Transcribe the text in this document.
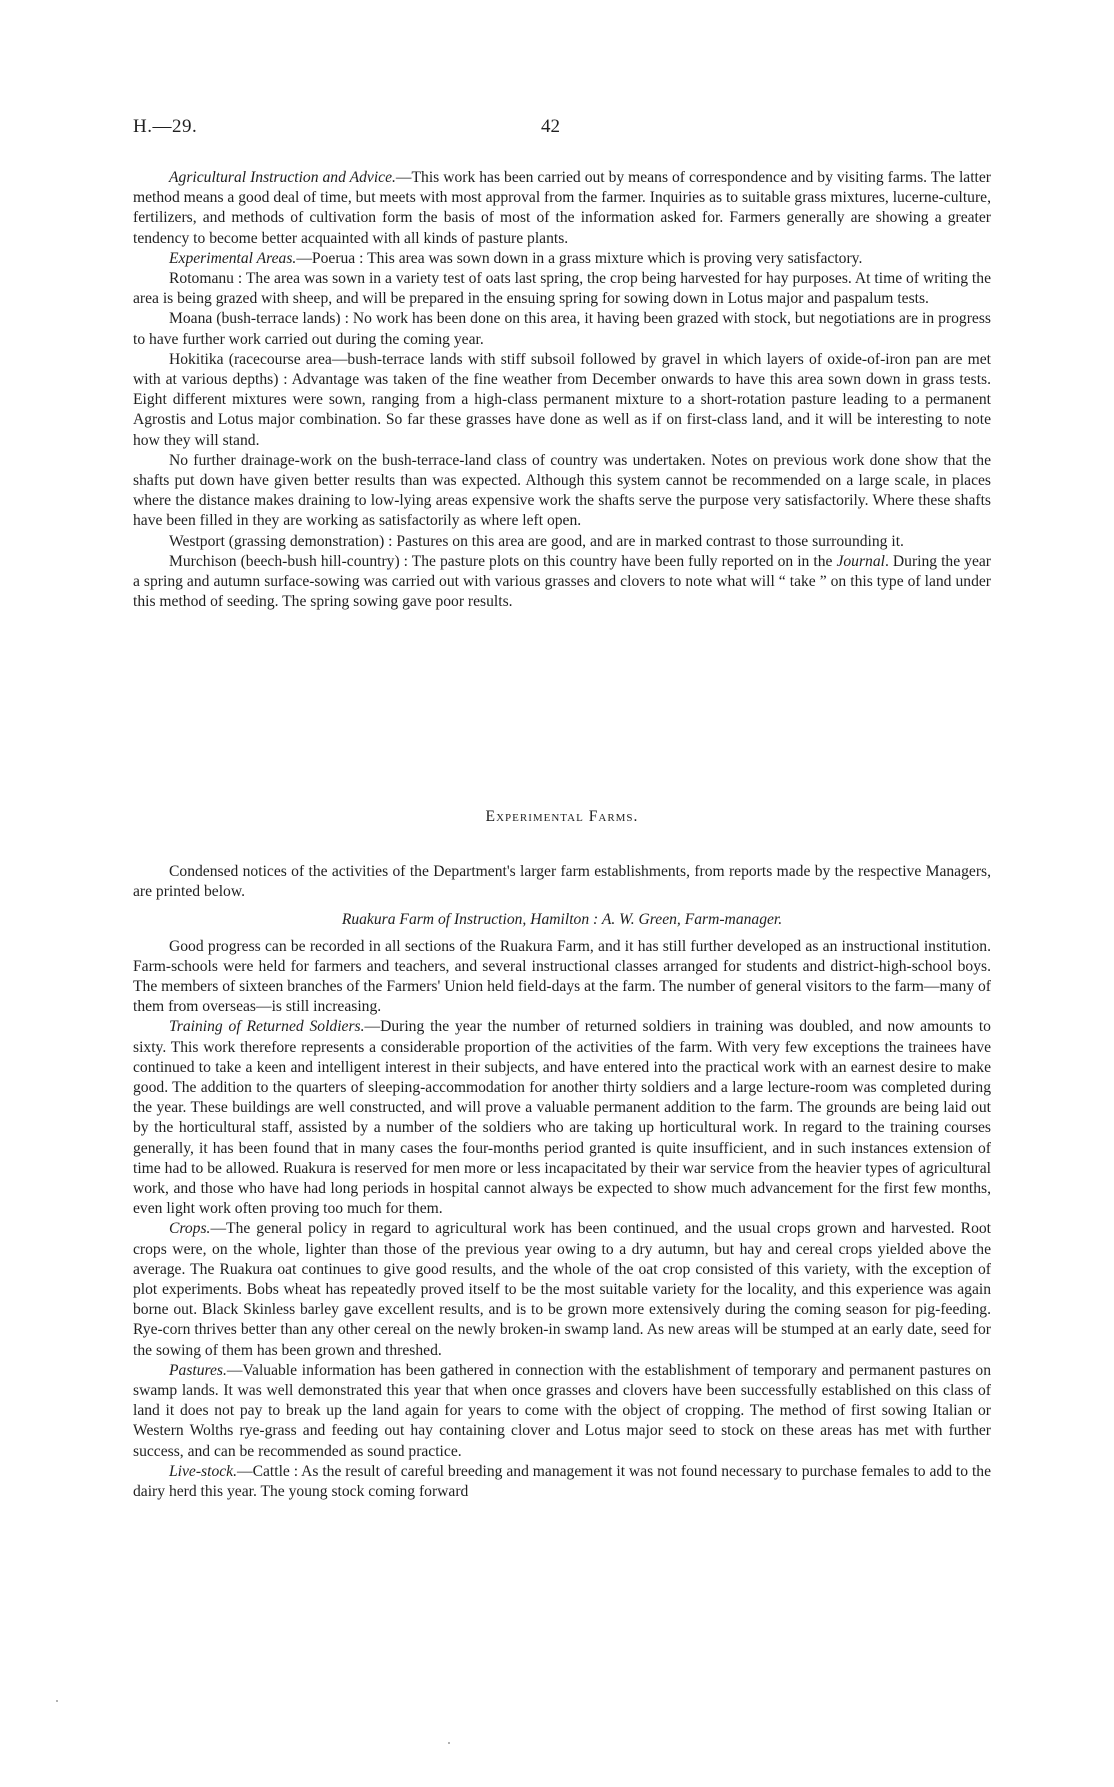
H.—29.	42

Agricultural Instruction and Advice.—This work has been carried out by means of correspondence and by visiting farms. The latter method means a good deal of time, but meets with most approval from the farmer. Inquiries as to suitable grass mixtures, lucerne-culture, fertilizers, and methods of cultivation form the basis of most of the information asked for. Farmers generally are showing a greater tendency to become better acquainted with all kinds of pasture plants.

Experimental Areas.—Poerua : This area was sown down in a grass mixture which is proving very satisfactory.

Rotomanu : The area was sown in a variety test of oats last spring, the crop being harvested for hay purposes. At time of writing the area is being grazed with sheep, and will be prepared in the ensuing spring for sowing down in Lotus major and paspalum tests.

Moana (bush-terrace lands) : No work has been done on this area, it having been grazed with stock, but negotiations are in progress to have further work carried out during the coming year.

Hokitika (racecourse area—bush-terrace lands with stiff subsoil followed by gravel in which layers of oxide-of-iron pan are met with at various depths) : Advantage was taken of the fine weather from December onwards to have this area sown down in grass tests. Eight different mixtures were sown, ranging from a high-class permanent mixture to a short-rotation pasture leading to a permanent Agrostis and Lotus major combination. So far these grasses have done as well as if on first-class land, and it will be interesting to note how they will stand.

No further drainage-work on the bush-terrace-land class of country was undertaken. Notes on previous work done show that the shafts put down have given better results than was expected. Although this system cannot be recommended on a large scale, in places where the distance makes draining to low-lying areas expensive work the shafts serve the purpose very satisfactorily. Where these shafts have been filled in they are working as satisfactorily as where left open.

Westport (grassing demonstration) : Pastures on this area are good, and are in marked contrast to those surrounding it.

Murchison (beech-bush hill-country) : The pasture plots on this country have been fully reported on in the Journal. During the year a spring and autumn surface-sowing was carried out with various grasses and clovers to note what will “ take ” on this type of land under this method of seeding. The spring sowing gave poor results.

Experimental Farms.

Condensed notices of the activities of the Department's larger farm establishments, from reports made by the respective Managers, are printed below.

Ruakura Farm of Instruction, Hamilton : A. W. Green, Farm-manager.

Good progress can be recorded in all sections of the Ruakura Farm, and it has still further developed as an instructional institution. Farm-schools were held for farmers and teachers, and several instructional classes arranged for students and district-high-school boys. The members of sixteen branches of the Farmers' Union held field-days at the farm. The number of general visitors to the farm—many of them from overseas—is still increasing.

Training of Returned Soldiers.—During the year the number of returned soldiers in training was doubled, and now amounts to sixty. This work therefore represents a considerable proportion of the activities of the farm. With very few exceptions the trainees have continued to take a keen and intelligent interest in their subjects, and have entered into the practical work with an earnest desire to make good. The addition to the quarters of sleeping-accommodation for another thirty soldiers and a large lecture-room was completed during the year. These buildings are well constructed, and will prove a valuable permanent addition to the farm. The grounds are being laid out by the horticultural staff, assisted by a number of the soldiers who are taking up horticultural work. In regard to the training courses generally, it has been found that in many cases the four-months period granted is quite insufficient, and in such instances extension of time had to be allowed. Ruakura is reserved for men more or less incapacitated by their war service from the heavier types of agricultural work, and those who have had long periods in hospital cannot always be expected to show much advancement for the first few months, even light work often proving too much for them.

Crops.—The general policy in regard to agricultural work has been continued, and the usual crops grown and harvested. Root crops were, on the whole, lighter than those of the previous year owing to a dry autumn, but hay and cereal crops yielded above the average. The Ruakura oat continues to give good results, and the whole of the oat crop consisted of this variety, with the exception of plot experiments. Bobs wheat has repeatedly proved itself to be the most suitable variety for the locality, and this experience was again borne out. Black Skinless barley gave excellent results, and is to be grown more extensively during the coming season for pig-feeding. Rye-corn thrives better than any other cereal on the newly broken-in swamp land. As new areas will be stumped at an early date, seed for the sowing of them has been grown and threshed.

Pastures.—Valuable information has been gathered in connection with the establishment of temporary and permanent pastures on swamp lands. It was well demonstrated this year that when once grasses and clovers have been successfully established on this class of land it does not pay to break up the land again for years to come with the object of cropping. The method of first sowing Italian or Western Wolths rye-grass and feeding out hay containing clover and Lotus major seed to stock on these areas has met with further success, and can be recommended as sound practice.

Live-stock.—Cattle : As the result of careful breeding and management it was not found necessary to purchase females to add to the dairy herd this year. The young stock coming forward
